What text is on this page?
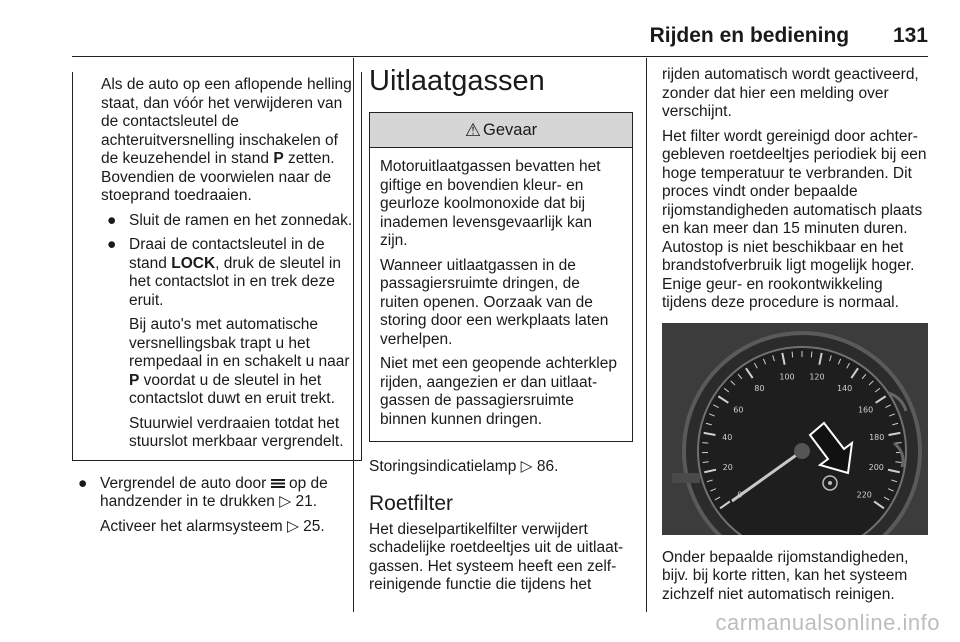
Rijden en bediening 131

Als de auto op een aflopende helling staat, dan vóór het verwijderen van de contactsleutel de achteruitversnelling inschakelen of de keuzehendel in stand P zetten. Bovendien de voorwielen naar de stoeprand toedraaien.

● Sluit de ramen en het zonnedak.
● Draai de contactsleutel in de stand LOCK, druk de sleutel in het contactslot in en trek deze eruit.

Bij auto's met automatische versnellingsbak trapt u het rempedaal in en schakelt u naar P voordat u de sleutel in het contactslot duwt en eruit trekt.

Stuurwiel verdraaien totdat het stuurslot merkbaar vergrendelt.

● Vergrendel de auto door  op de handzender in te drukken ▷ 21.

Activeer het alarmsysteem ▷ 25.

Uitlaatgassen
⚠ Gevaar

Motoruitlaatgassen bevatten het giftige en bovendien kleur- en geurloze koolmonoxide dat bij inademen levensgevaarlijk kan zijn.

Wanneer uitlaatgassen in de passagiersruimte dringen, de ruiten openen. Oorzaak van de storing door een werkplaats laten verhelpen.

Niet met een geopende achterklep rijden, aangezien er dan uitlaatgassen de passagiersruimte binnen kunnen dringen.

Storingsindicatielamp ▷ 86.

Roetfilter

Het dieselpartikelfilter verwijdert schadelijke roetdeeltjes uit de uitlaatgassen. Het systeem heeft een zelfreinigende functie die tijdens het

rijden automatisch wordt geactiveerd, zonder dat hier een melding over verschijnt.

Het filter wordt gereinigd door achtergebleven roetdeeltjes periodiek bij een hoge temperatuur te verbranden. Dit proces vindt onder bepaalde rijomstandigheden automatisch plaats en kan meer dan 15 minuten duren. Autostop is niet beschikbaar en het brandstofverbruik ligt mogelijk hoger. Enige geur- en rookontwikkeling tijdens deze procedure is normaal.

20
40
60
80
100 120
140
160
180
200
220

Onder bepaalde rijomstandigheden, bijv. bij korte ritten, kan het systeem zichzelf niet automatisch reinigen.

carmanualsonline.info
